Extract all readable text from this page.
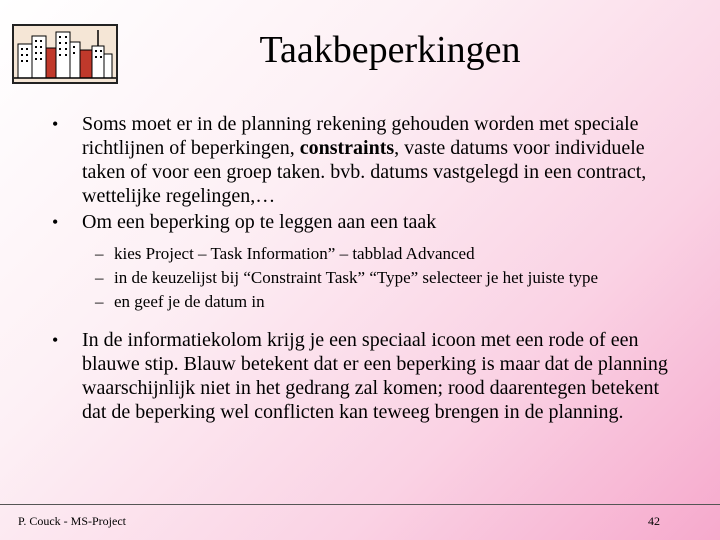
Taakbeperkingen

• Soms moet er in de planning rekening gehouden worden met speciale richtlijnen of beperkingen, constraints, vaste datums voor individuele taken of voor een groep taken. bvb. datums vastgelegd in een contract, wettelijke regelingen,…

• Om een beperking op te leggen aan een taak

– kies Project – Task Information” – tabblad Advanced

– in de keuzelijst bij “Constraint Task” “Type” selecteer je het juiste type

– en geef je de datum in

• In de informatiekolom krijg je een speciaal icoon met een rode of een blauwe stip. Blauw betekent dat er een beperking is maar dat de planning waarschijnlijk niet in het gedrang zal komen; rood daarentegen betekent dat de beperking wel conflicten kan teweeg brengen in de planning.

P. Couck - MS-Project	42
